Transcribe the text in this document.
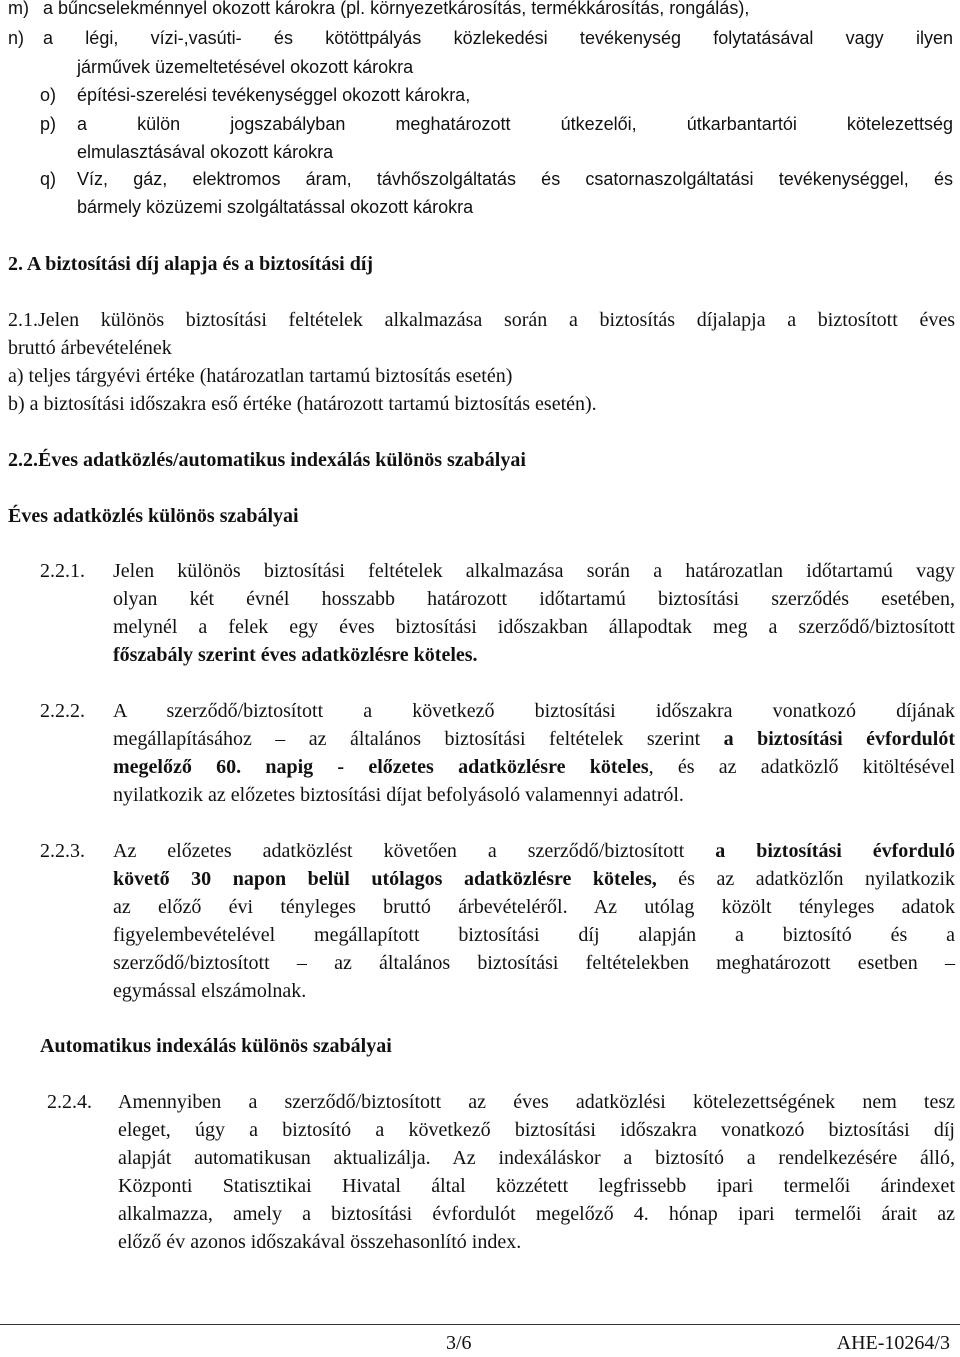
m) a bűncselekménnyel okozott károkra (pl. környezetkárosítás, termékkárosítás, rongálás),
n) a légi, vízi-,vasúti- és kötöttpályás közlekedési tevékenység folytatásával vagy ilyen
járművek üzemeltetésével okozott károkra
o) építési-szerelési tevékenységgel okozott károkra,
p) a külön jogszabályban meghatározott útkezelői, útkarbantartói kötelezettség
elmulasztásával okozott károkra
q) Víz, gáz, elektromos áram, távhőszolgáltatás és csatornaszolgáltatási tevékenységgel, és
bármely közüzemi szolgáltatással okozott károkra
2. A biztosítási díj alapja és a biztosítási díj
2.1.Jelen különös biztosítási feltételek alkalmazása során a biztosítás díjalapja a biztosított éves
bruttó árbevételének
a) teljes tárgyévi értéke (határozatlan tartamú biztosítás esetén)
b) a biztosítási időszakra eső értéke (határozott tartamú biztosítás esetén).
2.2.Éves adatközlés/automatikus indexálás különös szabályai
Éves adatközlés különös szabályai
2.2.1. Jelen különös biztosítási feltételek alkalmazása során a határozatlan időtartamú vagy
olyan két évnél hosszabb határozott időtartamú biztosítási szerződés esetében,
melynél a felek egy éves biztosítási időszakban állapodtak meg a szerződő/biztosított
főszabály szerint éves adatközlésre köteles.
2.2.2. A szerződő/biztosított a következő biztosítási időszakra vonatkozó díjának
megállapításához – az általános biztosítási feltételek szerint a biztosítási évfordulót
megelőző 60. napig - előzetes adatközlésre köteles, és az adatközlő kitöltésével
nyilatkozik az előzetes biztosítási díjat befolyásoló valamennyi adatról.
2.2.3. Az előzetes adatközlést követően a szerződő/biztosított a biztosítási évforduló
követő 30 napon belül utólagos adatközlésre köteles, és az adatközlőn nyilatkozik
az előző évi tényleges bruttó árbevételéről. Az utólag közölt tényleges adatok
figyelembevételével megállapított biztosítási díj alapján a biztosító és a
szerződő/biztosított – az általános biztosítási feltételekben meghatározott esetben –
egymással elszámolnak.
Automatikus indexálás különös szabályai
2.2.4. Amennyiben a szerződő/biztosított az éves adatközlési kötelezettségének nem tesz
eleget, úgy a biztosító a következő biztosítási időszakra vonatkozó biztosítási díj
alapját automatikusan aktualizálja. Az indexáláskor a biztosító a rendelkezésére álló,
Központi Statisztikai Hivatal által közzétett legfrissebb ipari termelői árindexet
alkalmazza, amely a biztosítási évfordulót megelőző 4. hónap ipari termelői árait az
előző év azonos időszakával összehasonlító index.
3/6	AHE-10264/3
